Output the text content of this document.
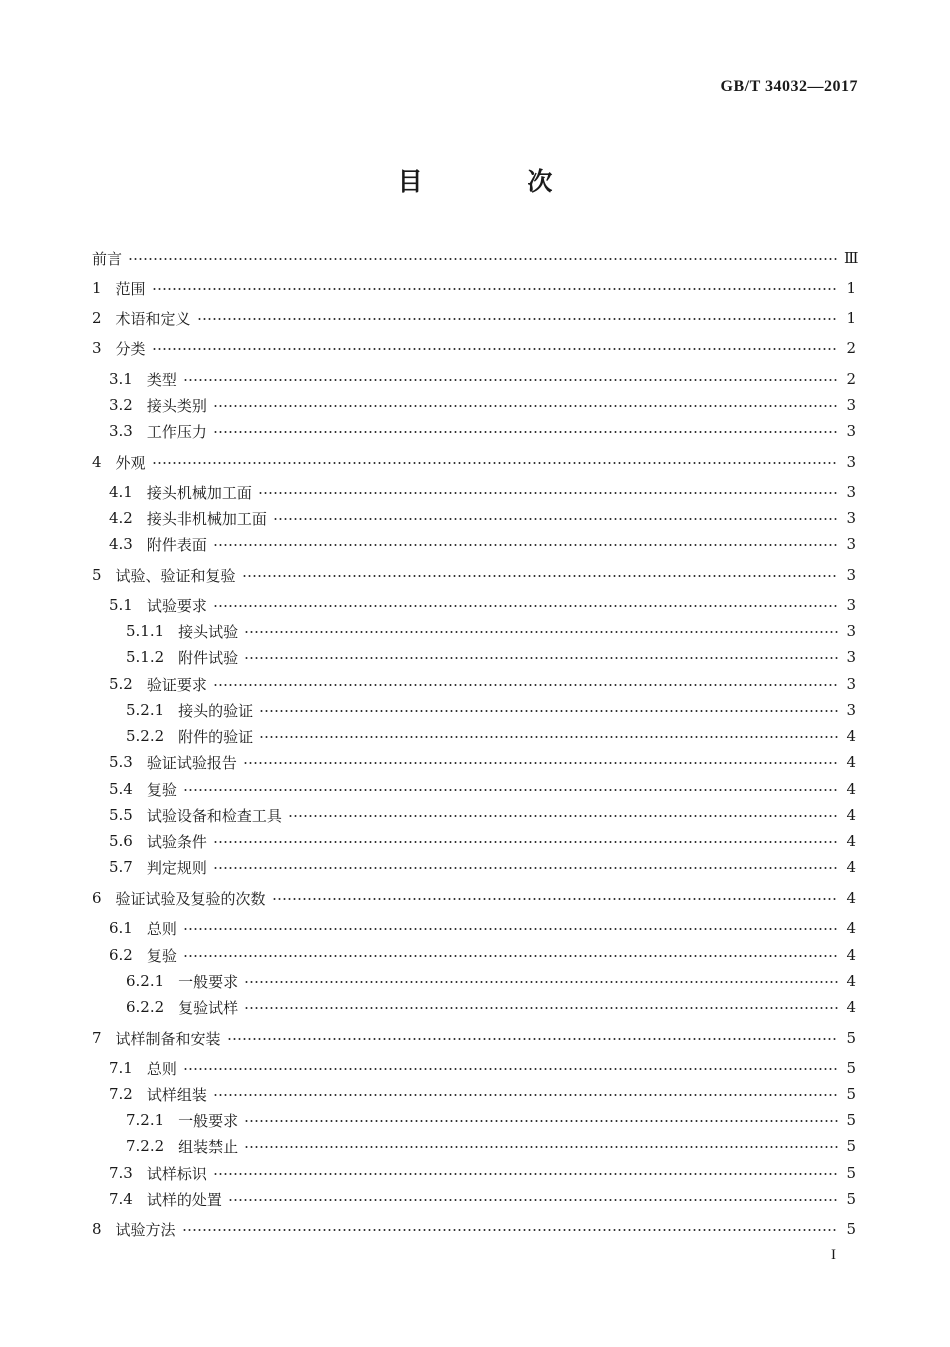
GB/T 34032—2017
目 次
前言	Ⅲ
1 范围	1
2 术语和定义	1
3 分类	2
3.1 类型	2
3.2 接头类别	3
3.3 工作压力	3
4 外观	3
4.1 接头机械加工面	3
4.2 接头非机械加工面	3
4.3 附件表面	3
5 试验、验证和复验	3
5.1 试验要求	3
5.1.1 接头试验	3
5.1.2 附件试验	3
5.2 验证要求	3
5.2.1 接头的验证	3
5.2.2 附件的验证	4
5.3 验证试验报告	4
5.4 复验	4
5.5 试验设备和检查工具	4
5.6 试验条件	4
5.7 判定规则	4
6 验证试验及复验的次数	4
6.1 总则	4
6.2 复验	4
6.2.1 一般要求	4
6.2.2 复验试样	4
7 试样制备和安装	5
7.1 总则	5
7.2 试样组装	5
7.2.1 一般要求	5
7.2.2 组装禁止	5
7.3 试样标识	5
7.4 试样的处置	5
8 试验方法	5
I
